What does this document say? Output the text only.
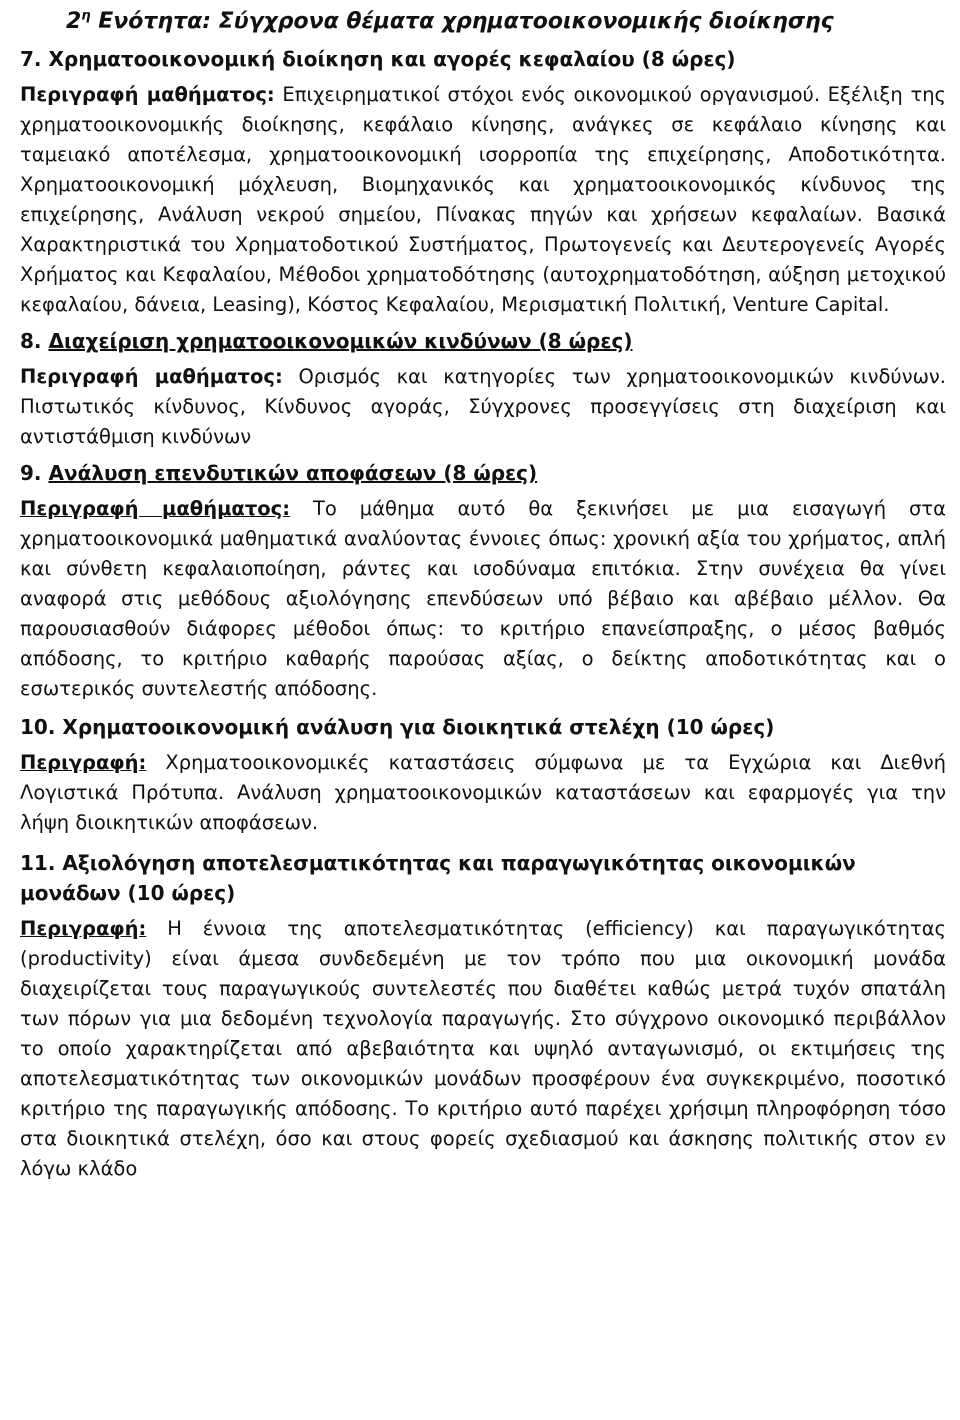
$2^\eta$ Ενότητα: Σύγχρονα θέματα χρηματοοικονομικής διοίκησης
7. Χρηματοοικονομική διοίκηση και αγορές κεφαλαίου (8 ώρες)

Περιγραφή μαθήματος: Επιχειρηματικοί στόχοι ενός οικονομικού οργανισμού. Εξέλιξη της χρηματοοικονομικής διοίκησης, κεφάλαιο κίνησης, ανάγκες σε κεφάλαιο κίνησης και ταμειακό αποτέλεσμα, χρηματοοικονομική ισορροπία της επιχείρησης, Αποδοτικότητα. Χρηματοοικονομική μόχλευση, Βιομηχανικός και χρηματοοικονομικός κίνδυνος της επιχείρησης, Ανάλυση νεκρού σημείου, Πίνακας πηγών και χρήσεων κεφαλαίων. Βασικά Χαρακτηριστικά του Χρηματοδοτικού Συστήματος, Πρωτογενείς και Δευτερογενείς Αγορές Χρήματος και Κεφαλαίου, Μέθοδοι χρηματοδότησης (αυτοχρηματοδότηση, αύξηση μετοχικού κεφαλαίου, δάνεια, Leasing), Κόστος Κεφαλαίου, Μερισματική Πολιτική, Venture Capital.

8. Διαχείριση χρηματοοικονομικών κινδύνων (8 ώρες)

Περιγραφή μαθήματος: Ορισμός και κατηγορίες των χρηματοοικονομικών κινδύνων. Πιστωτικός κίνδυνος, Κίνδυνος αγοράς, Σύγχρονες προσεγγίσεις στη διαχείριση και αντιστάθμιση κινδύνων

9. Ανάλυση επενδυτικών αποφάσεων (8 ώρες)

Περιγραφή μαθήματος: Το μάθημα αυτό θα ξεκινήσει με μια εισαγωγή στα χρηματοοικονομικά μαθηματικά αναλύοντας έννοιες όπως: χρονική αξία του χρήματος, απλή και σύνθετη κεφαλαιοποίηση, ράντες και ισοδύναμα επιτόκια. Στην συνέχεια θα γίνει αναφορά στις μεθόδους αξιολόγησης επενδύσεων υπό βέβαιο και αβέβαιο μέλλον. Θα παρουσιασθούν διάφορες μέθοδοι όπως: το κριτήριο επανείσπραξης, ο μέσος βαθμός απόδοσης, το κριτήριο καθαρής παρούσας αξίας, ο δείκτης αποδοτικότητας και ο εσωτερικός συντελεστής απόδοσης.

10. Χρηματοοικονομική ανάλυση για διοικητικά στελέχη (10 ώρες)

Περιγραφή: Χρηματοοικονομικές καταστάσεις σύμφωνα με τα Εγχώρια και Διεθνή Λογιστικά Πρότυπα. Ανάλυση χρηματοοικονομικών καταστάσεων και εφαρμογές για την λήψη διοικητικών αποφάσεων.

11. Αξιολόγηση αποτελεσματικότητας και παραγωγικότητας οικονομικών μονάδων (10 ώρες)

Περιγραφή: Η έννοια της αποτελεσματικότητας (efficiency) και παραγωγικότητας (productivity) είναι άμεσα συνδεδεμένη με τον τρόπο που μια οικονομική μονάδα διαχειρίζεται τους παραγωγικούς συντελεστές που διαθέτει καθώς μετρά τυχόν σπατάλη των πόρων για μια δεδομένη τεχνολογία παραγωγής. Στο σύγχρονο οικονομικό περιβάλλον το οποίο χαρακτηρίζεται από αβεβαιότητα και υψηλό ανταγωνισμό, οι εκτιμήσεις της αποτελεσματικότητας των οικονομικών μονάδων προσφέρουν ένα συγκεκριμένο, ποσοτικό κριτήριο της παραγωγικής απόδοσης. Το κριτήριο αυτό παρέχει χρήσιμη πληροφόρηση τόσο στα διοικητικά στελέχη, όσο και στους φορείς σχεδιασμού και άσκησης πολιτικής στον εν λόγω κλάδο
